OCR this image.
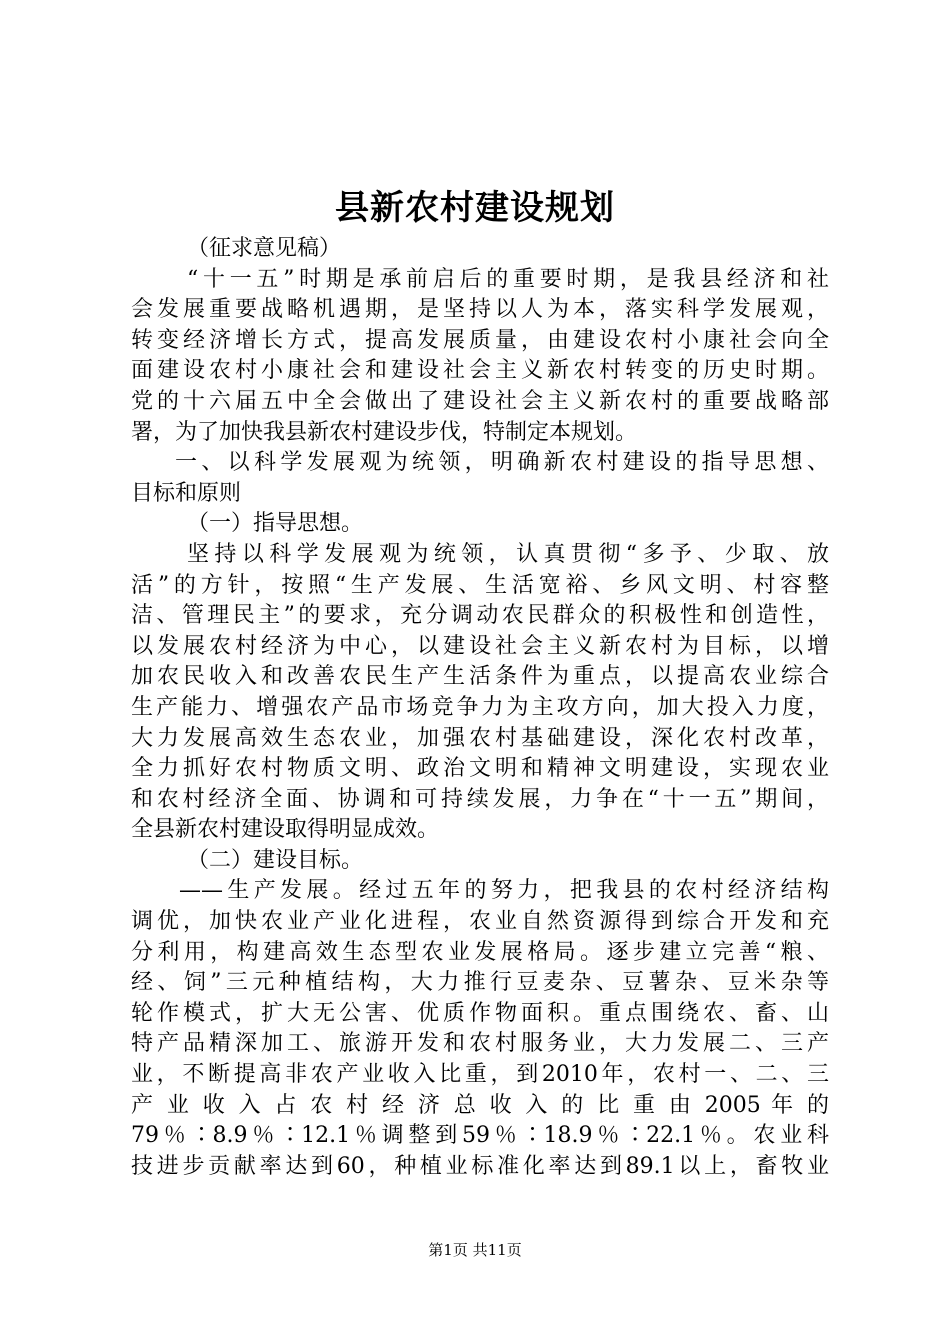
县新农村建设规划
（征求意见稿）
“十一五”时期是承前启后的重要时期，是我县经济和社
会发展重要战略机遇期，是坚持以人为本，落实科学发展观，
转变经济增长方式，提高发展质量，由建设农村小康社会向全
面建设农村小康社会和建设社会主义新农村转变的历史时期。
党的十六届五中全会做出了建设社会主义新农村的重要战略部
署，为了加快我县新农村建设步伐，特制定本规划。
一、以科学发展观为统领，明确新农村建设的指导思想、
目标和原则
（一）指导思想。
坚持以科学发展观为统领，认真贯彻“多予、少取、放
活”的方针，按照“生产发展、生活宽裕、乡风文明、村容整
洁、管理民主”的要求，充分调动农民群众的积极性和创造性，
以发展农村经济为中心，以建设社会主义新农村为目标，以增
加农民收入和改善农民生产生活条件为重点，以提高农业综合
生产能力、增强农产品市场竞争力为主攻方向，加大投入力度，
大力发展高效生态农业，加强农村基础建设，深化农村改革，
全力抓好农村物质文明、政治文明和精神文明建设，实现农业
和农村经济全面、协调和可持续发展，力争在“十一五”期间，
全县新农村建设取得明显成效。
（二）建设目标。
——生产发展。经过五年的努力，把我县的农村经济结构
调优，加快农业产业化进程，农业自然资源得到综合开发和充
分利用，构建高效生态型农业发展格局。逐步建立完善“粮、
经、饲”三元种植结构，大力推行豆麦杂、豆薯杂、豆米杂等
轮作模式，扩大无公害、优质作物面积。重点围绕农、畜、山
特产品精深加工、旅游开发和农村服务业，大力发展二、三产
业，不断提高非农产业收入比重，到2010年，农村一、二、三
产 业 收 入 占 农 村 经 济 总 收 入 的 比 重 由 2005 年 的
79％∶8.9％∶12.1％调整到59％∶18.9％∶22.1％。农业科
技进步贡献率达到60，种植业标准化率达到89.1以上，畜牧业
第1页 共11页
